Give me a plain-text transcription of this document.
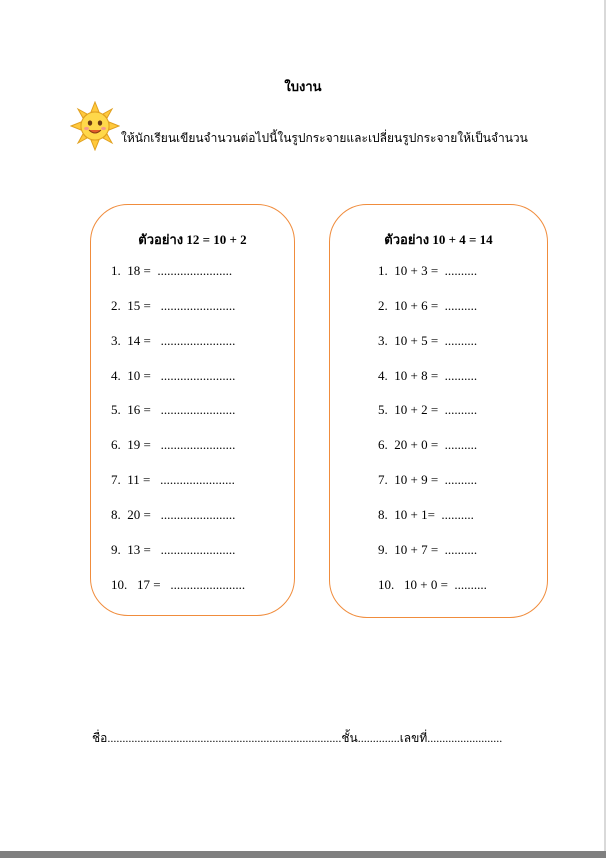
ใบงาน
ให้นักเรียนเขียนจำนวนต่อไปนี้ในรูปกระจายและเปลี่ยนรูปกระจายให้เป็นจำนวน
ตัวอย่าง 12 = 10 + 2
1.  18 =  .......................
2.  15 =   .......................
3.  14 =   .......................
4.  10 =   .......................
5.  16 =   .......................
6.  19 =   .......................
7.  11 =   .......................
8.  20 =   .......................
9.  13 =   .......................
10.   17 =   .......................
ตัวอย่าง 10 + 4 = 14
1.  10 + 3 =  ..........
2.  10 + 6 =  ..........
3.  10 + 5 =  ..........
4.  10 + 8 =  ..........
5.  10 + 2 =  ..........
6.  20 + 0 =  ..........
7.  10 + 9 =  ..........
8.  10 + 1=  ..........
9.  10 + 7 =  ..........
10.   10 + 0 =  ..........
ชื่อ..............................................................................ชั้น..............เลขที่.........................
